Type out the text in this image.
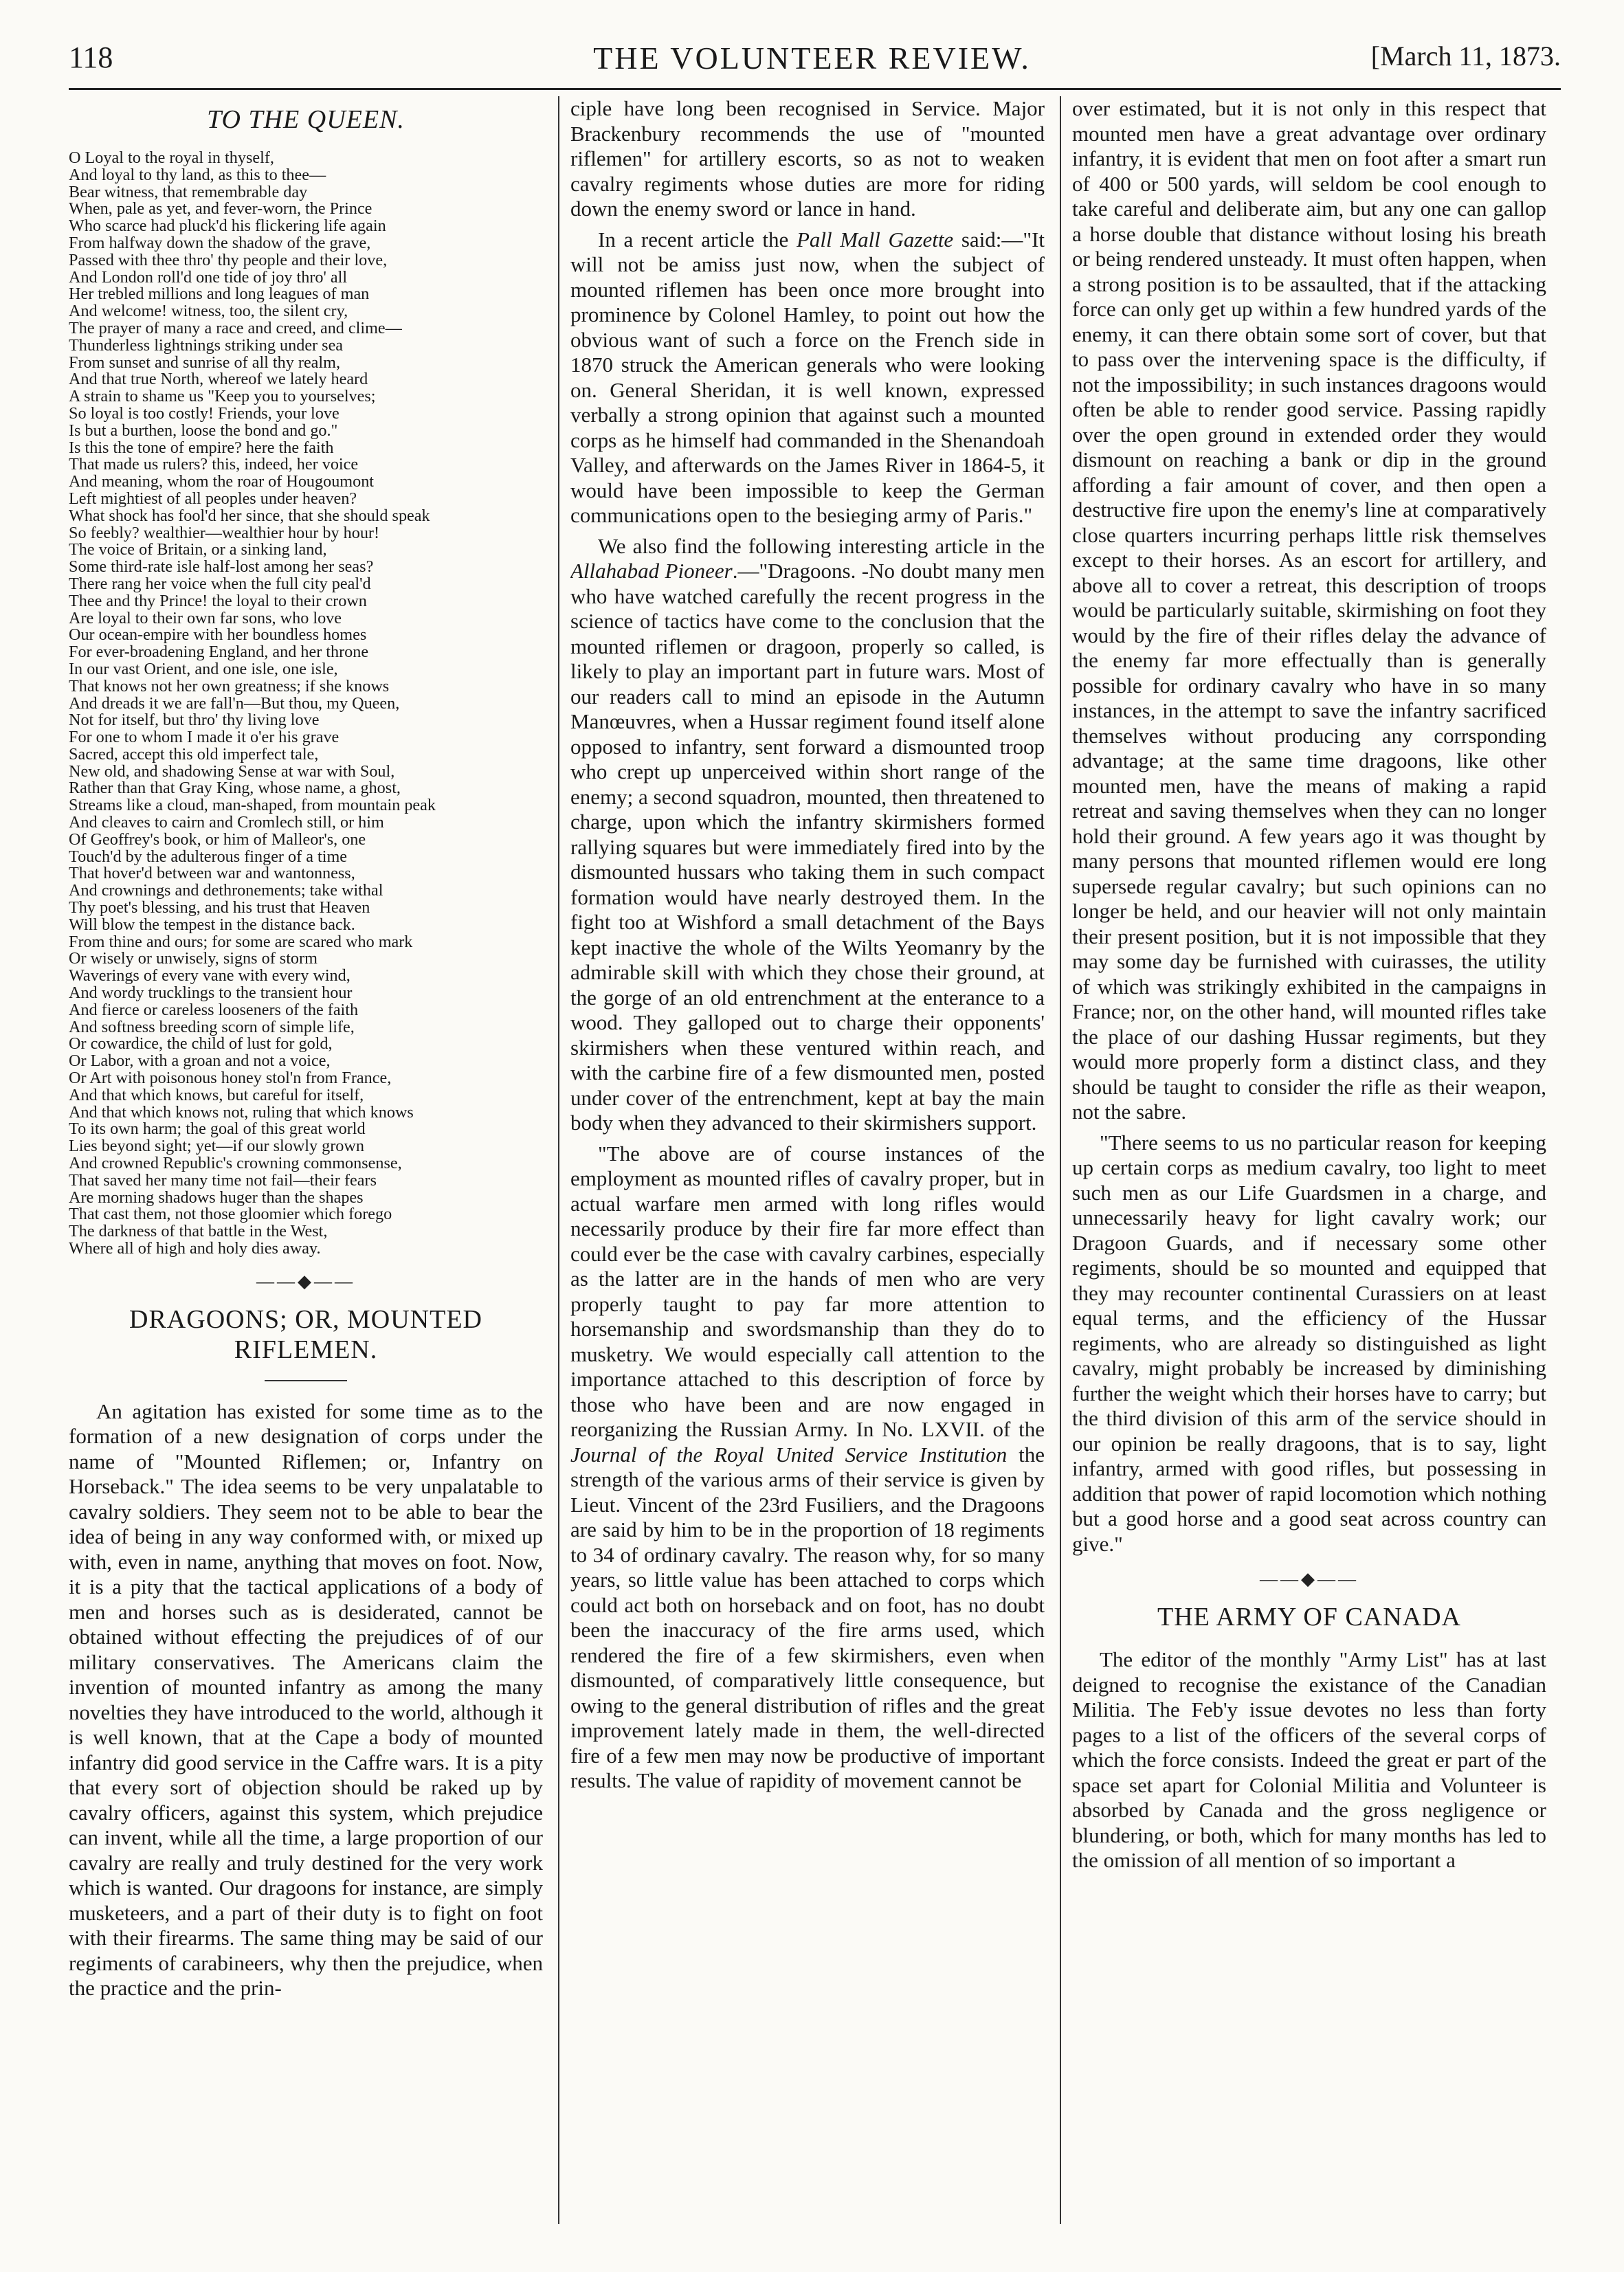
118	THE VOLUNTEER REVIEW.	[March 11, 1873.
TO THE QUEEN.
O Loyal to the royal in thyself,
And loyal to thy land, as this to thee—
Bear witness, that remembrable day
When, pale as yet, and fever-worn, the Prince
Who scarce had pluck'd his flickering life again
From halfway down the shadow of the grave,
Passed with thee thro' thy people and their love,
And London roll'd one tide of joy thro' all
Her trebled millions and long leagues of man
And welcome! witness, too, the silent cry,
The prayer of many a race and creed, and clime—
Thunderless lightnings striking under sea
From sunset and sunrise of all thy realm,
And that true North, whereof we lately heard
A strain to shame us "Keep you to yourselves;
So loyal is too costly! Friends, your love
Is but a burthen, loose the bond and go."
Is this the tone of empire? here the faith
That made us rulers? this, indeed, her voice
And meaning, whom the roar of Hougoumont
Left mightiest of all peoples under heaven?
What shock has fool'd her since, that she should speak
So feebly? wealthier—wealthier hour by hour!
The voice of Britain, or a sinking land,
Some third-rate isle half-lost among her seas?
There rang her voice when the full city peal'd
Thee and thy Prince! the loyal to their crown
Are loyal to their own far sons, who love
Our ocean-empire with her boundless homes
For ever-broadening England, and her throne
In our vast Orient, and one isle, one isle,
That knows not her own greatness; if she knows
And dreads it we are fall'n—But thou, my Queen,
Not for itself, but thro' thy living love
For one to whom I made it o'er his grave
Sacred, accept this old imperfect tale,
New old, and shadowing Sense at war with Soul,
Rather than that Gray King, whose name, a ghost,
Streams like a cloud, man-shaped, from mountain peak
And cleaves to cairn and Cromlech still, or him
Of Geoffrey's book, or him of Malleor's, one
Touch'd by the adulterous finger of a time
That hover'd between war and wantonness,
And crownings and dethronements; take withal
Thy poet's blessing, and his trust that Heaven
Will blow the tempest in the distance back.
From thine and ours; for some are scared who mark
Or wisely or unwisely, signs of storm
Waverings of every vane with every wind,
And wordy trucklings to the transient hour
And fierce or careless looseners of the faith
And softness breeding scorn of simple life,
Or cowardice, the child of lust for gold,
Or Labor, with a groan and not a voice,
Or Art with poisonous honey stol'n from France,
And that which knows, but careful for itself,
And that which knows not, ruling that which knows
To its own harm; the goal of this great world
Lies beyond sight; yet—if our slowly grown
And crowned Republic's crowning commonsense,
That saved her many time not fail—their fears
Are morning shadows huger than the shapes
That cast them, not those gloomier which forego
The darkness of that battle in the West,
Where all of high and holy dies away.
——◆——
DRAGOONS; OR, MOUNTED RIFLEMEN.

An agitation has existed for some time as to the formation of a new designation of corps under the name of "Mounted Riflemen; or, Infantry on Horseback." The idea seems to be very unpalatable to cavalry soldiers. They seem not to be able to bear the idea of being in any way conformed with, or mixed up with, even in name, anything that moves on foot. Now, it is a pity that the tactical applications of a body of men and horses such as is desiderated, cannot be obtained without effecting the prejudices of of our military conservatives. The Americans claim the invention of mounted infantry as among the many novelties they have introduced to the world, although it is well known, that at the Cape a body of mounted infantry did good service in the Caffre wars. It is a pity that every sort of objection should be raked up by cavalry officers, against this system, which prejudice can invent, while all the time, a large proportion of our cavalry are really and truly destined for the very work which is wanted. Our dragoons for instance, are simply musketeers, and a part of their duty is to fight on foot with their firearms. The same thing may be said of our regiments of carabineers, why then the prejudice, when the practice and the prin-

ciple have long been recognised in Service. Major Brackenbury recommends the use of "mounted riflemen" for artillery escorts, so as not to weaken cavalry regiments whose duties are more for riding down the enemy sword or lance in hand.

In a recent article the Pall Mall Gazette said:—"It will not be amiss just now, when the subject of mounted riflemen has been once more brought into prominence by Colonel Hamley, to point out how the obvious want of such a force on the French side in 1870 struck the American generals who were looking on. General Sheridan, it is well known, expressed verbally a strong opinion that against such a mounted corps as he himself had commanded in the Shenandoah Valley, and afterwards on the James River in 1864-5, it would have been impossible to keep the German communications open to the besieging army of Paris."

We also find the following interesting article in the Allahabad Pioneer.—"Dragoons. -No doubt many men who have watched carefully the recent progress in the science of tactics have come to the conclusion that the mounted riflemen or dragoon, properly so called, is likely to play an important part in future wars. Most of our readers call to mind an episode in the Autumn Manœuvres, when a Hussar regiment found itself alone opposed to infantry, sent forward a dismounted troop who crept up unperceived within short range of the enemy; a second squadron, mounted, then threatened to charge, upon which the infantry skirmishers formed rallying squares but were immediately fired into by the dismounted hussars who taking them in such compact formation would have nearly destroyed them. In the fight too at Wishford a small detachment of the Bays kept inactive the whole of the Wilts Yeomanry by the admirable skill with which they chose their ground, at the gorge of an old entrenchment at the enterance to a wood. They galloped out to charge their opponents' skirmishers when these ventured within reach, and with the carbine fire of a few dismounted men, posted under cover of the entrenchment, kept at bay the main body when they advanced to their skirmishers support.

"The above are of course instances of the employment as mounted rifles of cavalry proper, but in actual warfare men armed with long rifles would necessarily produce by their fire far more effect than could ever be the case with cavalry carbines, especially as the latter are in the hands of men who are very properly taught to pay far more attention to horsemanship and swordsmanship than they do to musketry. We would especially call attention to the importance attached to this description of force by those who have been and are now engaged in reorganizing the Russian Army. In No. LXVII. of the Journal of the Royal United Service Institution the strength of the various arms of their service is given by Lieut. Vincent of the 23rd Fusiliers, and the Dragoons are said by him to be in the proportion of 18 regiments to 34 of ordinary cavalry. The reason why, for so many years, so little value has been attached to corps which could act both on horseback and on foot, has no doubt been the inaccuracy of the fire arms used, which rendered the fire of a few skirmishers, even when dismounted, of comparatively little consequence, but owing to the general distribution of rifles and the great improvement lately made in them, the well-directed fire of a few men may now be productive of important results. The value of rapidity of movement cannot be

over estimated, but it is not only in this respect that mounted men have a great advantage over ordinary infantry, it is evident that men on foot after a smart run of 400 or 500 yards, will seldom be cool enough to take careful and deliberate aim, but any one can gallop a horse double that distance without losing his breath or being rendered unsteady. It must often happen, when a strong position is to be assaulted, that if the attacking force can only get up within a few hundred yards of the enemy, it can there obtain some sort of cover, but that to pass over the intervening space is the difficulty, if not the impossibility; in such instances dragoons would often be able to render good service. Passing rapidly over the open ground in extended order they would dismount on reaching a bank or dip in the ground affording a fair amount of cover, and then open a destructive fire upon the enemy's line at comparatively close quarters incurring perhaps little risk themselves except to their horses. As an escort for artillery, and above all to cover a retreat, this description of troops would be particularly suitable, skirmishing on foot they would by the fire of their rifles delay the advance of the enemy far more effectually than is generally possible for ordinary cavalry who have in so many instances, in the attempt to save the infantry sacrificed themselves without producing any corrsponding advantage; at the same time dragoons, like other mounted men, have the means of making a rapid retreat and saving themselves when they can no longer hold their ground. A few years ago it was thought by many persons that mounted riflemen would ere long supersede regular cavalry; but such opinions can no longer be held, and our heavier will not only maintain their present position, but it is not impossible that they may some day be furnished with cuirasses, the utility of which was strikingly exhibited in the campaigns in France; nor, on the other hand, will mounted rifles take the place of our dashing Hussar regiments, but they would more properly form a distinct class, and they should be taught to consider the rifle as their weapon, not the sabre.

"There seems to us no particular reason for keeping up certain corps as medium cavalry, too light to meet such men as our Life Guardsmen in a charge, and unnecessarily heavy for light cavalry work; our Dragoon Guards, and if necessary some other regiments, should be so mounted and equipped that they may recounter continental Curassiers on at least equal terms, and the efficiency of the Hussar regiments, who are already so distinguished as light cavalry, might probably be increased by diminishing further the weight which their horses have to carry; but the third division of this arm of the service should in our opinion be really dragoons, that is to say, light infantry, armed with good rifles, but possessing in addition that power of rapid locomotion which nothing but a good horse and a good seat across country can give."

——◆——
THE ARMY OF CANADA

The editor of the monthly "Army List" has at last deigned to recognise the existance of the Canadian Militia. The Feb'y issue devotes no less than forty pages to a list of the officers of the several corps of which the force consists. Indeed the great er part of the space set apart for Colonial Militia and Volunteer is absorbed by Canada and the gross negligence or blundering, or both, which for many months has led to the omission of all mention of so important a
